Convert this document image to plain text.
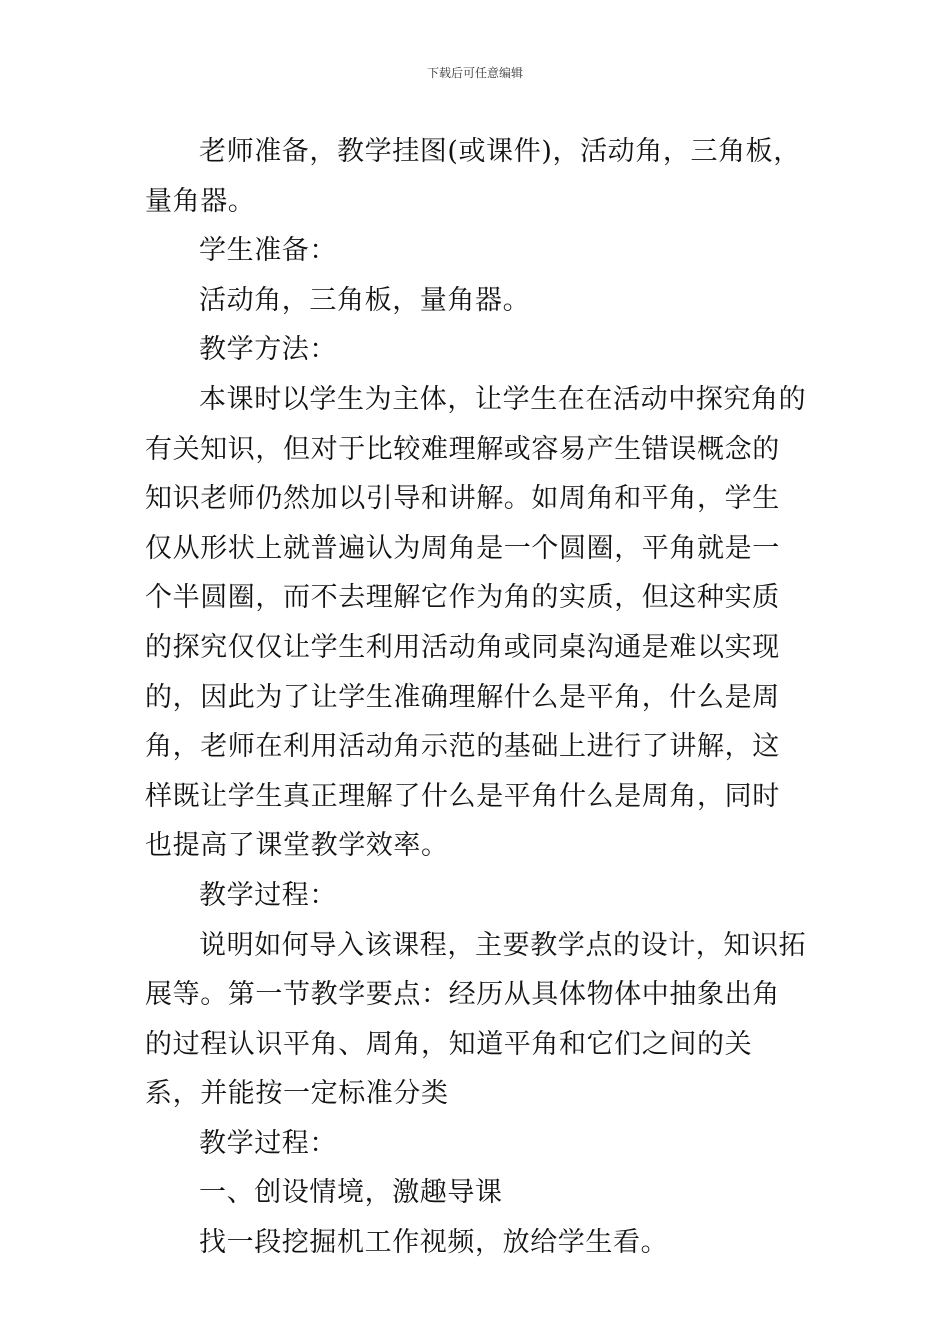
下载后可任意编辑

老师准备，教学挂图(或课件)，活动角，三角板，量角器。

学生准备：

活动角，三角板，量角器。

教学方法：

本课时以学生为主体，让学生在在活动中探究角的有关知识，但对于比较难理解或容易产生错误概念的知识老师仍然加以引导和讲解。如周角和平角，学生仅从形状上就普遍认为周角是一个圆圈，平角就是一个半圆圈，而不去理解它作为角的实质，但这种实质的探究仅仅让学生利用活动角或同桌沟通是难以实现的，因此为了让学生准确理解什么是平角，什么是周角，老师在利用活动角示范的基础上进行了讲解，这样既让学生真正理解了什么是平角什么是周角，同时也提高了课堂教学效率。

教学过程：

说明如何导入该课程，主要教学点的设计，知识拓展等。第一节教学要点：经历从具体物体中抽象出角的过程认识平角、周角，知道平角和它们之间的关系，并能按一定标准分类

教学过程：

一、创设情境，激趣导课

找一段挖掘机工作视频，放给学生看。
